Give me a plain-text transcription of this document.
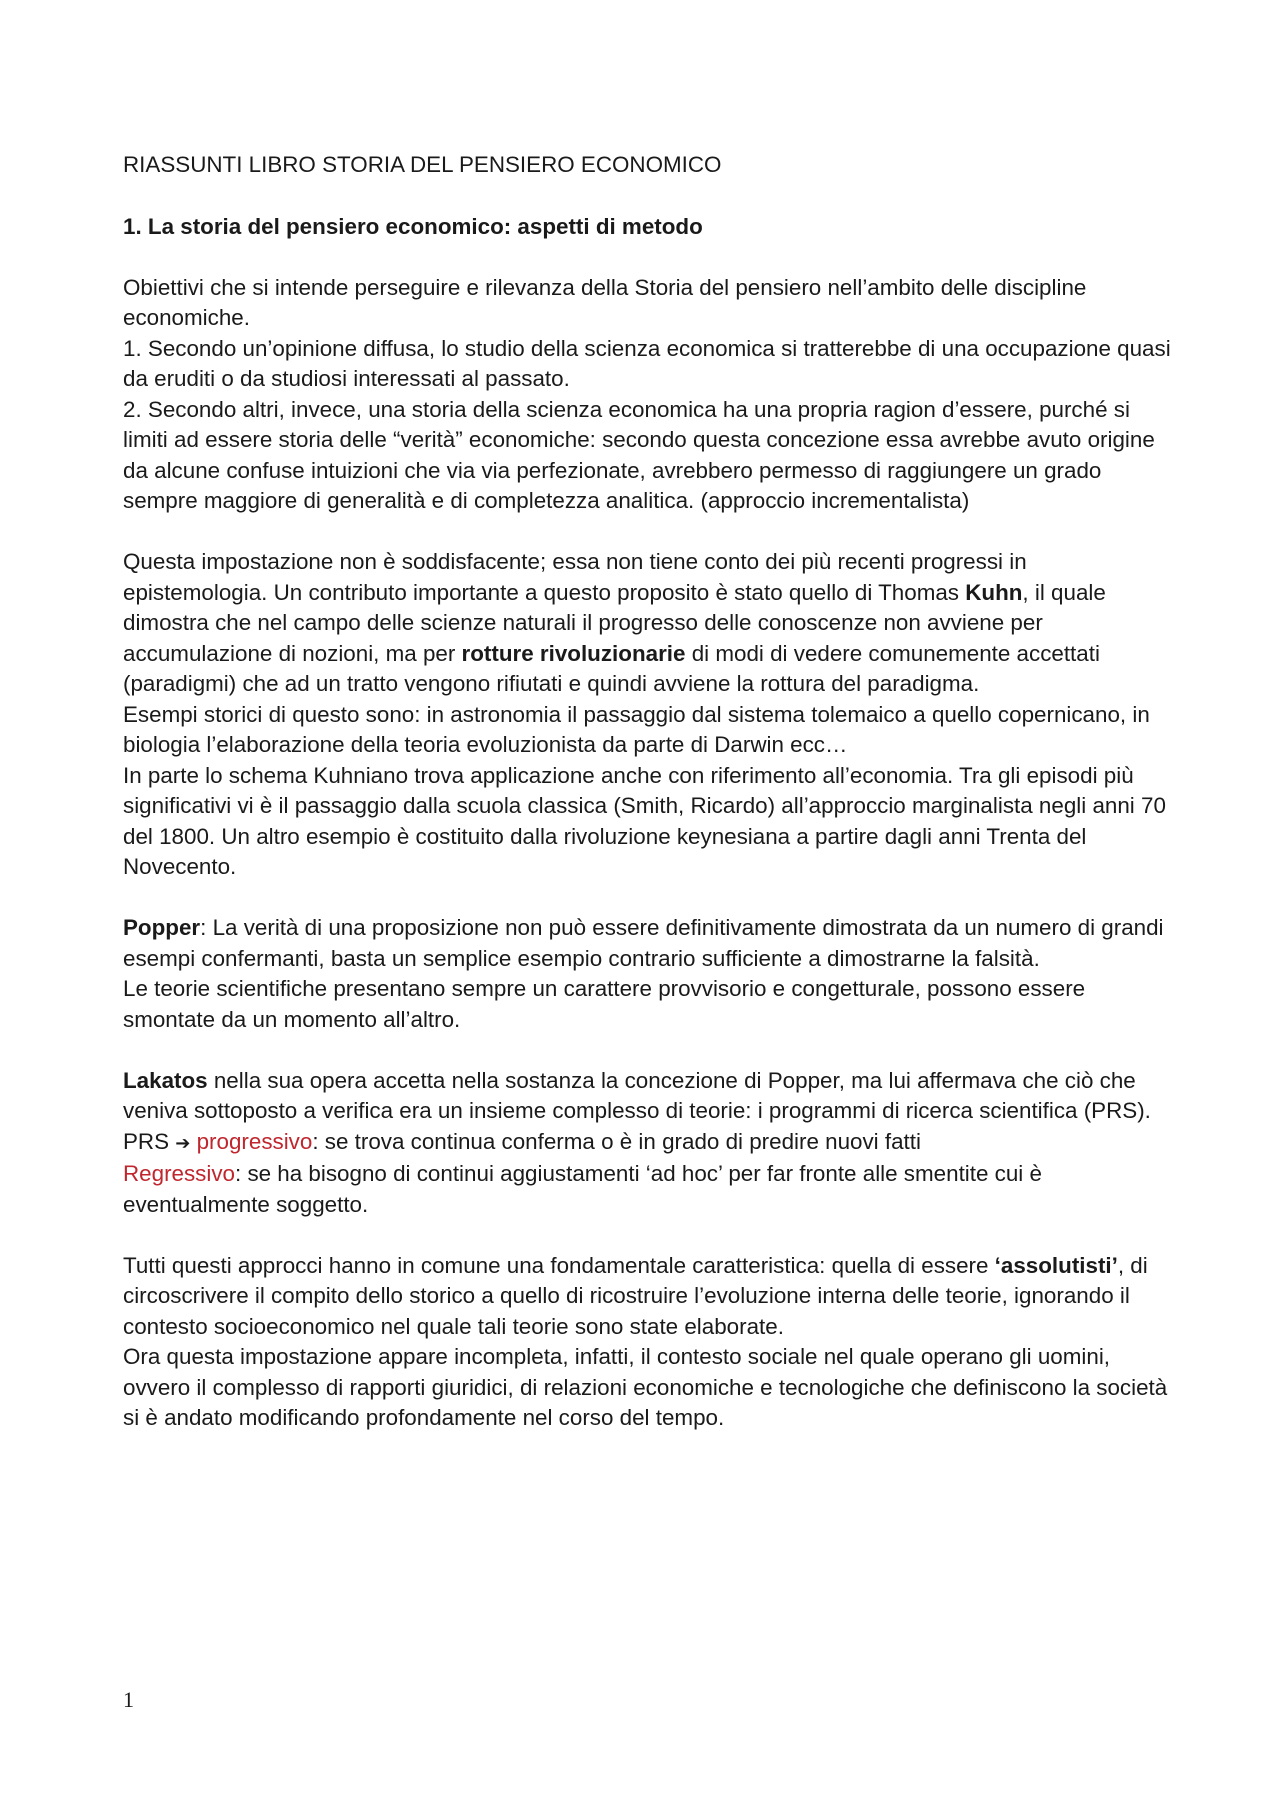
RIASSUNTI LIBRO STORIA DEL PENSIERO ECONOMICO
1. La storia del pensiero economico: aspetti di metodo

Obiettivi che si intende perseguire e rilevanza della Storia del pensiero nell’ambito delle discipline economiche.

1. Secondo un’opinione diffusa, lo studio della scienza economica si tratterebbe di una occupazione quasi da eruditi o da studiosi interessati al passato.

2. Secondo altri, invece, una storia della scienza economica ha una propria ragion d’essere, purché si limiti ad essere storia delle “verità” economiche: secondo questa concezione essa avrebbe avuto origine da alcune confuse intuizioni che via via perfezionate, avrebbero permesso di raggiungere un grado sempre maggiore di generalità e di completezza analitica. (approccio incrementalista)

Questa impostazione non è soddisfacente; essa non tiene conto dei più recenti progressi in epistemologia. Un contributo importante a questo proposito è stato quello di Thomas Kuhn, il quale dimostra che nel campo delle scienze naturali il progresso delle conoscenze non avviene per accumulazione di nozioni, ma per rotture rivoluzionarie di modi di vedere comunemente accettati (paradigmi) che ad un tratto vengono rifiutati e quindi avviene la rottura del paradigma.

Esempi storici di questo sono: in astronomia il passaggio dal sistema tolemaico a quello copernicano, in biologia l’elaborazione della teoria evoluzionista da parte di Darwin ecc…

In parte lo schema Kuhniano trova applicazione anche con riferimento all’economia. Tra gli episodi più significativi vi è il passaggio dalla scuola classica (Smith, Ricardo) all’approccio marginalista negli anni 70 del 1800. Un altro esempio è costituito dalla rivoluzione keynesiana a partire dagli anni Trenta del Novecento.

Popper: La verità di una proposizione non può essere definitivamente dimostrata da un numero di grandi esempi confermanti, basta un semplice esempio contrario sufficiente a dimostrarne la falsità.

Le teorie scientifiche presentano sempre un carattere provvisorio e congetturale, possono essere smontate da un momento all’altro.

Lakatos nella sua opera accetta nella sostanza la concezione di Popper, ma lui affermava che ciò che veniva sottoposto a verifica era un insieme complesso di teorie: i programmi di ricerca scientifica (PRS).

PRS ➔ progressivo: se trova continua conferma o è in grado di predire nuovi fatti

Regressivo: se ha bisogno di continui aggiustamenti ‘ad hoc’ per far fronte alle smentite cui è eventualmente soggetto.

Tutti questi approcci hanno in comune una fondamentale caratteristica: quella di essere ‘assolutisti’, di circoscrivere il compito dello storico a quello di ricostruire l’evoluzione interna delle teorie, ignorando il contesto socioeconomico nel quale tali teorie sono state elaborate.

Ora questa impostazione appare incompleta, infatti, il contesto sociale nel quale operano gli uomini, ovvero il complesso di rapporti giuridici, di relazioni economiche e tecnologiche che definiscono la società si è andato modificando profondamente nel corso del tempo.

1
